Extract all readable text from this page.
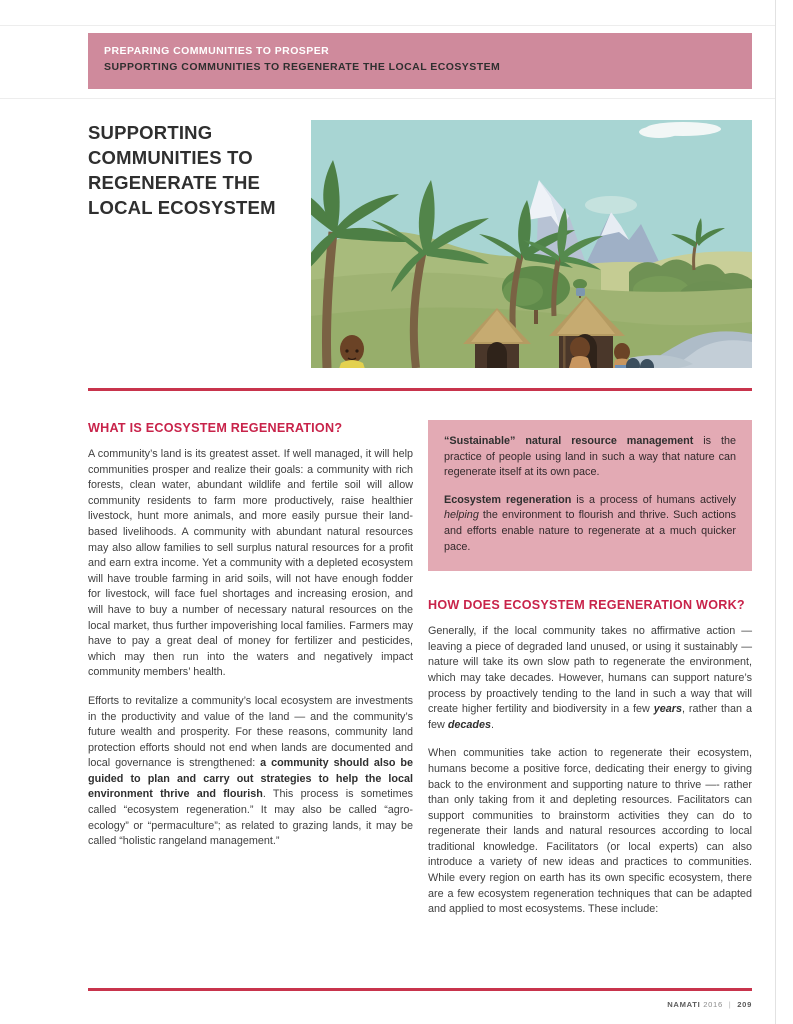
PREPARING COMMUNITIES TO PROSPER
SUPPORTING COMMUNITIES TO REGENERATE THE LOCAL ECOSYSTEM
SUPPORTING COMMUNITIES TO REGENERATE THE LOCAL ECOSYSTEM
WHAT IS ECOSYSTEM REGENERATION?

A community’s land is its greatest asset. If well managed, it will help communities prosper and realize their goals: a community with rich forests, clean water, abundant wildlife and fertile soil will allow community residents to farm more productively, raise healthier livestock, hunt more animals, and more easily pursue their land-based livelihoods. A community with abundant natural resources may also allow families to sell surplus natural resources for a profit and earn extra income. Yet a community with a depleted ecosystem will have trouble farming in arid soils, will not have enough fodder for livestock, will face fuel shortages and increasing erosion, and will have to buy a number of necessary natural resources on the local market, thus further impoverishing local families. Farmers may have to pay a great deal of money for fertilizer and pesticides, which may then run into the waters and negatively impact community members’ health.

Efforts to revitalize a community’s local ecosystem are investments in the productivity and value of the land — and the community’s future wealth and prosperity. For these reasons, community land protection efforts should not end when lands are documented and local governance is strengthened: a community should also be guided to plan and carry out strategies to help the local environment thrive and flourish. This process is sometimes called “ecosystem regeneration.” It may also be called “agro-ecology” or “permaculture”; as related to grazing lands, it may be called “holistic rangeland management.”

“Sustainable” natural resource management is the practice of people using land in such a way that nature can regenerate itself at its own pace.

Ecosystem regeneration is a process of humans actively helping the environment to flourish and thrive. Such actions and efforts enable nature to regenerate at a much quicker pace.

HOW DOES ECOSYSTEM REGENERATION WORK?

Generally, if the local community takes no affirmative action — leaving a piece of degraded land unused, or using it sustainably — nature will take its own slow path to regenerate the environment, which may take decades. However, humans can support nature’s process by proactively tending to the land in such a way that will create higher fertility and biodiversity in a few years, rather than a few decades.

When communities take action to regenerate their ecosystem, humans become a positive force, dedicating their energy to giving back to the environment and supporting nature to thrive —- rather than only taking from it and depleting resources. Facilitators can support communities to brainstorm activities they can do to regenerate their lands and natural resources according to local traditional knowledge. Facilitators (or local experts) can also introduce a variety of new ideas and practices to communities. While every region on earth has its own specific ecosystem, there are a few ecosystem regeneration techniques that can be adapted and applied to most ecosystems. These include:

NAMATI 2016 | 209
